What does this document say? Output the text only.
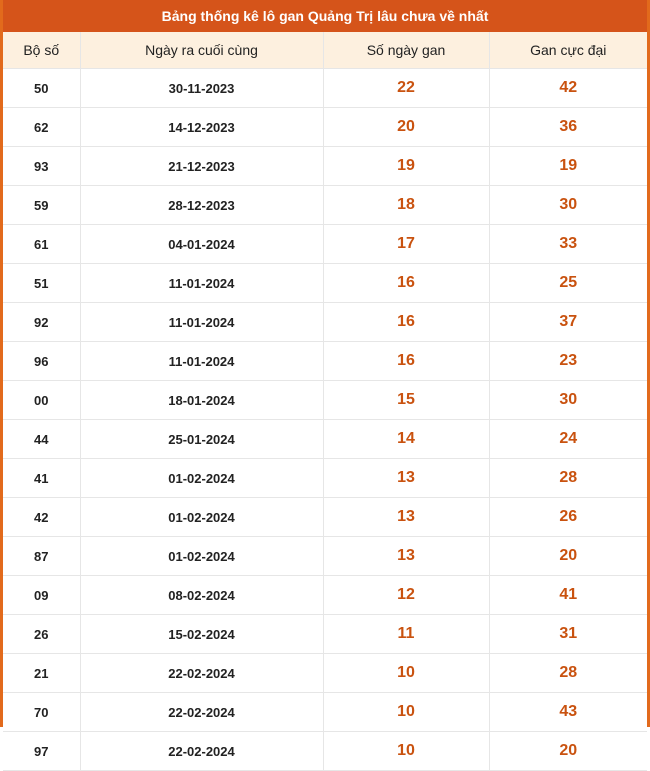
Bảng thống kê lô gan Quảng Trị lâu chưa về nhất
Bộ số	Ngày ra cuối cùng	Số ngày gan	Gan cực đại
50	30-11-2023	22	42
62	14-12-2023	20	36
93	21-12-2023	19	19
59	28-12-2023	18	30
61	04-01-2024	17	33
51	11-01-2024	16	25
92	11-01-2024	16	37
96	11-01-2024	16	23
00	18-01-2024	15	30
44	25-01-2024	14	24
41	01-02-2024	13	28
42	01-02-2024	13	26
87	01-02-2024	13	20
09	08-02-2024	12	41
26	15-02-2024	11	31
21	22-02-2024	10	28
70	22-02-2024	10	43
97	22-02-2024	10	20
